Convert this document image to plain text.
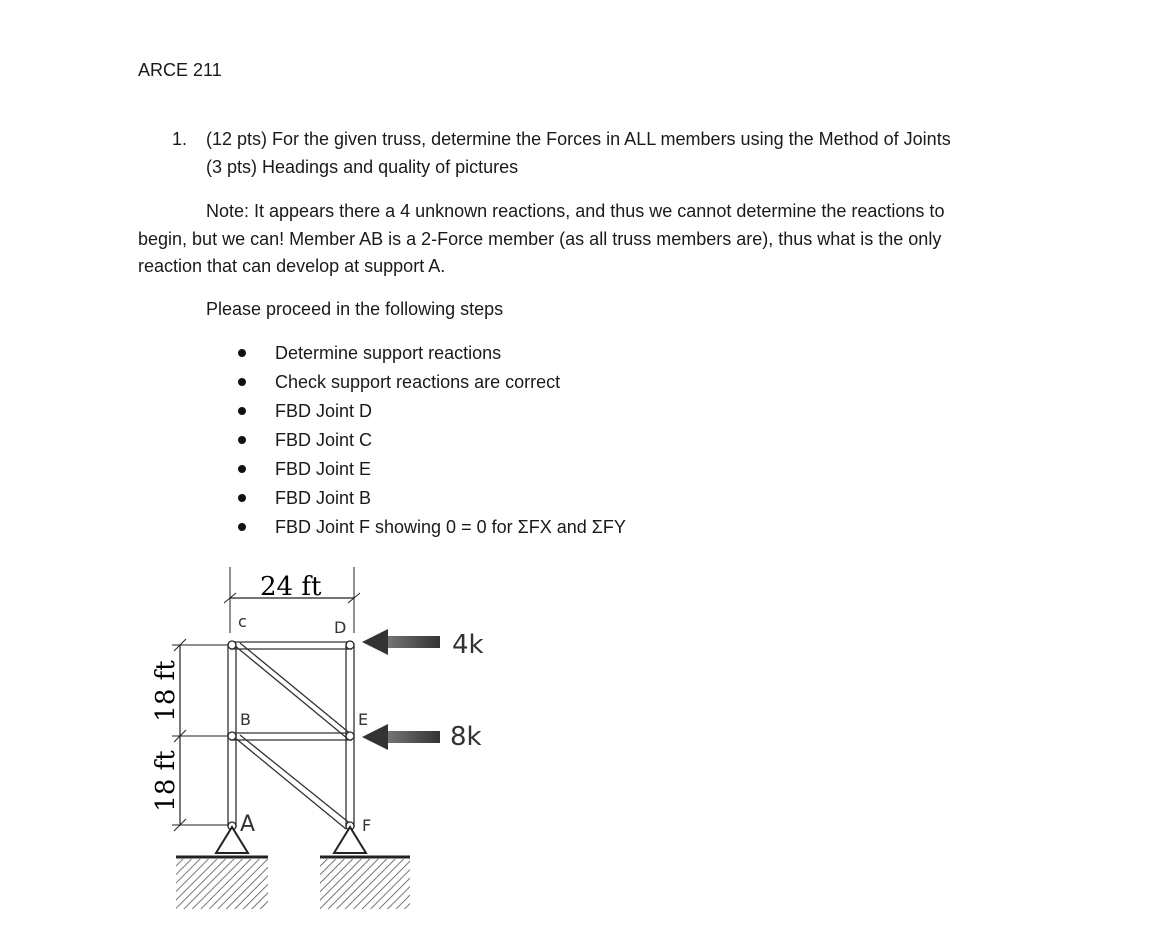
ARCE 211
1. (12 pts) For the given truss, determine the Forces in ALL members using the Method of Joints
(3 pts) Headings and quality of pictures
Note: It appears there a 4 unknown reactions, and thus we cannot determine the reactions to
begin, but we can! Member AB is a 2-Force member (as all truss members are), thus what is the only
reaction that can develop at support A.
Please proceed in the following steps
Determine support reactions
Check support reactions are correct
FBD Joint D
FBD Joint C
FBD Joint E
FBD Joint B
FBD Joint F showing 0 = 0 for ΣFX and ΣFY
24 ft
18 ft
18 ft
c	D
B	E
A	F
4k
8k
